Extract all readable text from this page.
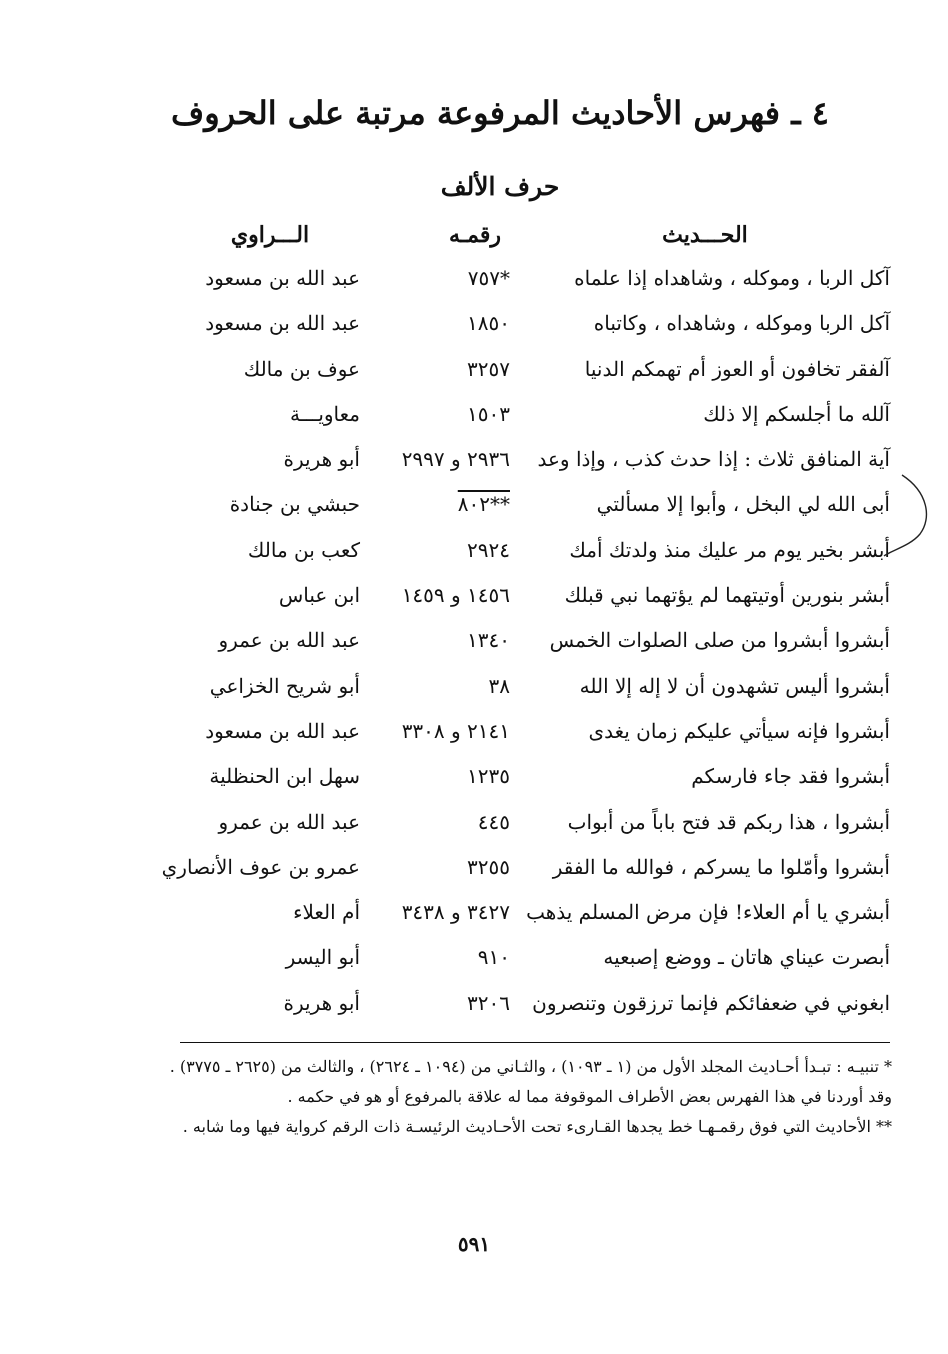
٤ ـ فهرس الأحاديث المرفوعة مرتبة على الحروف
حرف الألف
الحـــديث
رقمـه
الـــراوي
آكل الربا ، وموكله ، وشاهداه إذا علماه
*٧٥٧
عبد الله بن مسعود
آكل الربا وموكله ، وشاهداه ، وكاتباه
١٨٥٠
عبد الله بن مسعود
آلفقر تخافون أو العوز أم تهمكم الدنيا
٣٢٥٧
عوف بن مالك
آلله ما أجلسكم إلا ذلك
١٥٠٣
معاويـــة
آية المنافق ثلاث : إذا حدث كذب ، وإذا وعد
٢٩٣٦ و ٢٩٩٧
أبو هريرة
أبى الله لي البخل ، وأبوا إلا مسألتي
**٨٠٢
حبشي بن جنادة
أبشر بخير يوم مر عليك منذ ولدتك أمك
٢٩٢٤
كعب بن مالك
أبشر بنورين أوتيتهما لم يؤتهما نبي قبلك
١٤٥٦ و ١٤٥٩
ابن عباس
أبشروا أبشروا من صلى الصلوات الخمس
١٣٤٠
عبد الله بن عمرو
أبشروا أليس تشهدون أن لا إله إلا الله
٣٨
أبو شريح الخزاعي
أبشروا فإنه سيأتي عليكم زمان يغدى
٢١٤١ و ٣٣٠٨
عبد الله بن مسعود
أبشروا فقد جاء فارسكم
١٢٣٥
سهل ابن الحنظلية
أبشروا ، هذا ربكم قد فتح باباً من أبواب
٤٤٥
عبد الله بن عمرو
أبشروا وأمّلوا ما يسركم ، فوالله ما الفقر
٣٢٥٥
عمرو بن عوف الأنصاري
أبشري يا أم العلاء! فإن مرض المسلم يذهب
٣٤٢٧ و ٣٤٣٨
أم العلاء
أبصرت عيناي هاتان ـ ووضع إصبعيه
٩١٠
أبو اليسر
ابغوني في ضعفائكم فإنما ترزقون وتنصرون
٣٢٠٦
أبو هريرة

* تنبيـه : تبـدأ أحـاديث المجلد الأول من (١ ـ ١٠٩٣) ، والثـاني من (١٠٩٤ ـ ٢٦٢٤) ، والثالث من (٢٦٢٥ ـ ٣٧٧٥) .

وقد أوردنا في هذا الفهرس بعض الأطراف الموقوفة مما له علاقة بالمرفوع أو هو في حكمه .

** الأحاديث التي فوق رقمـهـا خط يجدها القـارىء تحت الأحـاديث الرئيسـة ذات الرقم كرواية فيها وما شابه .

٥٩١
